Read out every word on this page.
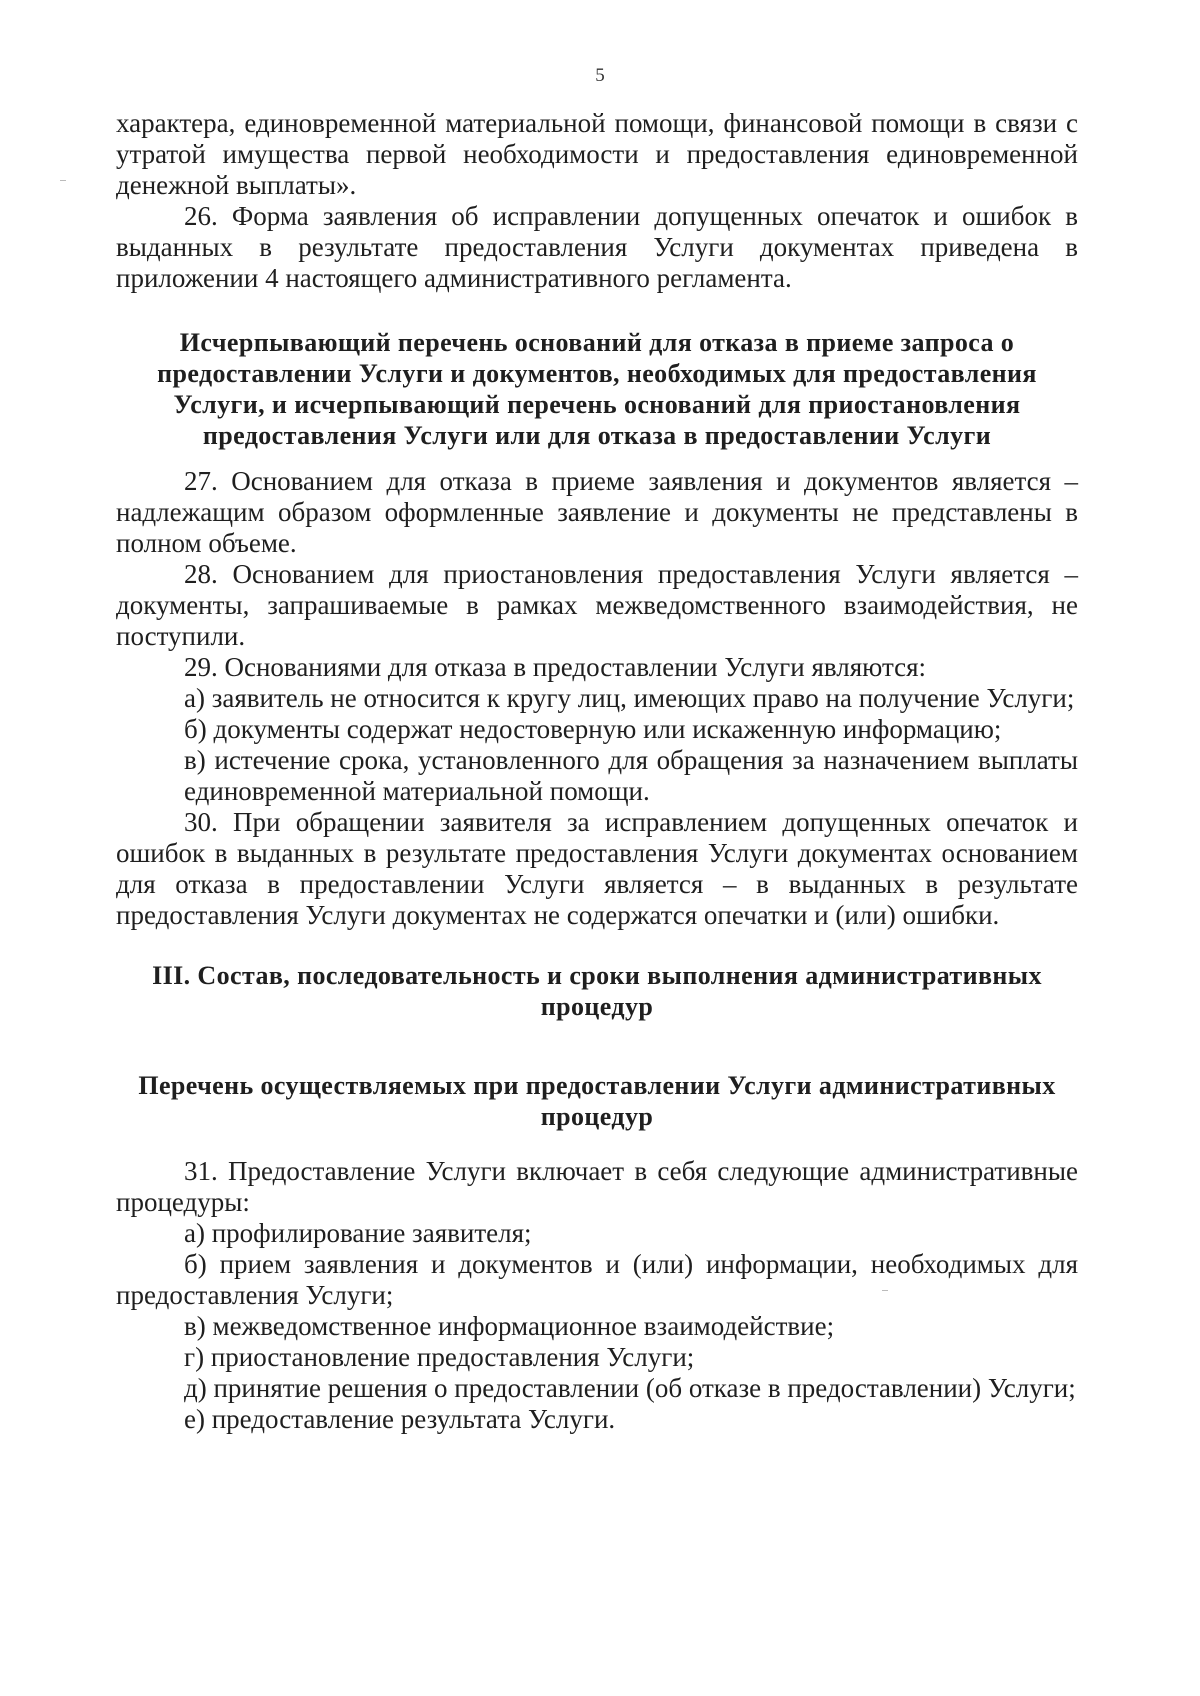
5

характера, единовременной материальной помощи, финансовой помощи в связи с утратой имущества первой необходимости и предоставления единовременной денежной выплаты».

26. Форма заявления об исправлении допущенных опечаток и ошибок в выданных в результате предоставления Услуги документах приведена в приложении 4 настоящего административного регламента.

Исчерпывающий перечень оснований для отказа в приеме запроса о предоставлении Услуги и документов, необходимых для предоставления Услуги, и исчерпывающий перечень оснований для приостановления предоставления Услуги или для отказа в предоставлении Услуги

27. Основанием для отказа в приеме заявления и документов является – надлежащим образом оформленные заявление и документы не представлены в полном объеме.

28. Основанием для приостановления предоставления Услуги является – документы, запрашиваемые в рамках межведомственного взаимодействия, не поступили.

29. Основаниями для отказа в предоставлении Услуги являются:

а) заявитель не относится к кругу лиц, имеющих право на получение Услуги;

б) документы содержат недостоверную или искаженную информацию;

в) истечение срока, установленного для обращения за назначением выплаты единовременной материальной помощи.

30. При обращении заявителя за исправлением допущенных опечаток и ошибок в выданных в результате предоставления Услуги документах основанием для отказа в предоставлении Услуги является – в выданных в результате предоставления Услуги документах не содержатся опечатки и (или) ошибки.

III. Состав, последовательность и сроки выполнения административных процедур
Перечень осуществляемых при предоставлении Услуги административных процедур

31. Предоставление Услуги включает в себя следующие административные процедуры:

а) профилирование заявителя;

б) прием заявления и документов и (или) информации, необходимых для предоставления Услуги;

в) межведомственное информационное взаимодействие;

г) приостановление предоставления Услуги;

д) принятие решения о предоставлении (об отказе в предоставлении) Услуги;

е) предоставление результата Услуги.
